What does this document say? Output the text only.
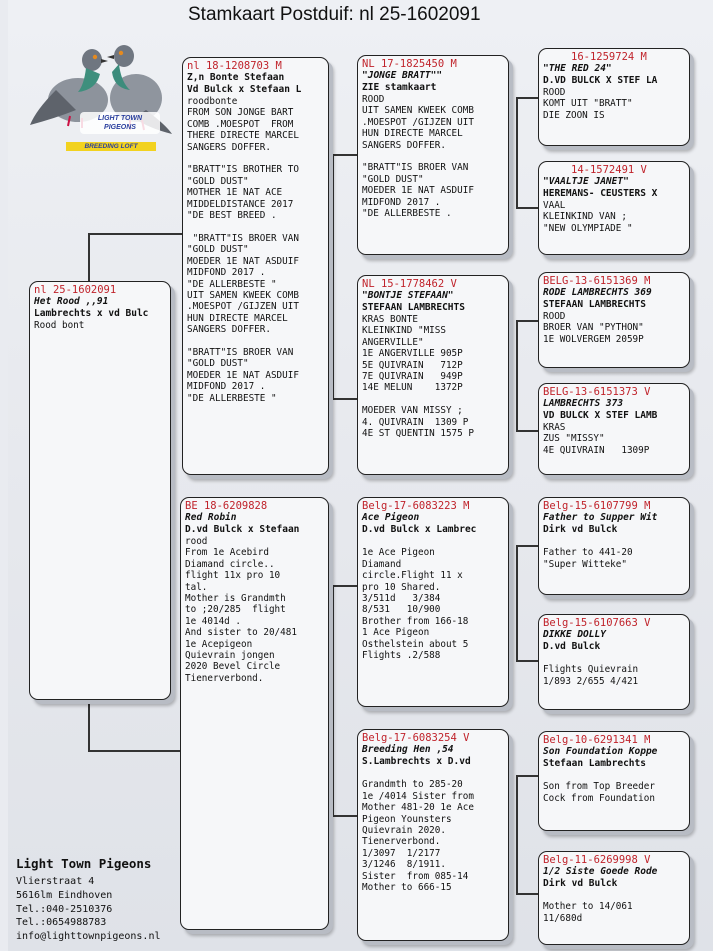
Stamkaart Postduif: nl 25-1602091
LIGHT TOWN
PIGEONS
BREEDING LOFT
nl 25-1602091
Het Rood ,,91
Lambrechts x vd Bulc
Rood bont
nl 18-1208703 M
Z,n Bonte Stefaan
Vd Bulck x Stefaan L
roodbonte
FROM SON JONGE BART
COMB .MOESPOT  FROM
THERE DIRECTE MARCEL
SANGERS DOFFER.

"BRATT"IS BROTHER TO
"GOLD DUST"
MOTHER 1E NAT ACE
MIDDELDISTANCE 2017
"DE BEST BREED .

"BRATT"IS BROER VAN
"GOLD DUST"
MOEDER 1E NAT ASDUIF
MIDFOND 2017 .
"DE ALLERBESTE "
UIT SAMEN KWEEK COMB
.MOESPOT /GIJZEN UIT
HUN DIRECTE MARCEL
SANGERS DOFFER.

"BRATT"IS BROER VAN
"GOLD DUST"
MOEDER 1E NAT ASDUIF
MIDFOND 2017 .
"DE ALLERBESTE "
BE 18-6209828
Red Robin
D.vd Bulck x Stefaan
rood
From 1e Acebird
Diamand circle..
flight 11x pro 10
tal.
Mother is Grandmth
to ;20/285  flight
1e 4014d .
And sister to 20/481
1e Acepigeon
Quievrain jongen
2020 Bevel Circle
Tienerverbond.
NL 17-1825450 M
"JONGE BRATT""
ZIE stamkaart
ROOD
UIT SAMEN KWEEK COMB
.MOESPOT /GIJZEN UIT
HUN DIRECTE MARCEL
SANGERS DOFFER.

"BRATT"IS BROER VAN
"GOLD DUST"
MOEDER 1E NAT ASDUIF
MIDFOND 2017 .
"DE ALLERBESTE .
NL 15-1778462 V
"BONTJE STEFAAN"
STEFAAN LAMBRECHTS
KRAS BONTE
KLEINKIND "MISS
ANGERVILLE"
1E ANGERVILLE 905P
5E QUIVRAIN   712P
7E QUIVRAIN   949P
14E MELUN    1372P

MOEDER VAN MISSY ;
4. QUIVRAIN  1309 P
4E ST QUENTIN 1575 P
Belg-17-6083223 M
Ace Pigeon
D.vd Bulck x Lambrec

1e Ace Pigeon
Diamand
circle.Flight 11 x
pro 10 Shared.
3/511d   3/384
8/531   10/900
Brother from 166-18
1 Ace Pigeon
Osthelstein about 5
Flights .2/588
Belg-17-6083254 V
Breeding Hen ,54
S.Lambrechts x D.vd

Grandmth to 285-20
1e /4014 Sister from
Mother 481-20 1e Ace
Pigeon Younsters
Quievrain 2020.
Tienerverbond.
1/3097  1/2177
3/1246  8/1911.
Sister  from 085-14
Mother to 666-15
16-1259724 M
"THE RED 24"
D.VD BULCK X STEF LA
ROOD
KOMT UIT "BRATT"
DIE ZOON IS
14-1572491 V
"VAALTJE JANET"
HEREMANS- CEUSTERS X
VAAL
KLEINKIND VAN ;
"NEW OLYMPIADE "
BELG-13-6151369 M
RODE LAMBRECHTS 369
STEFAAN LAMBRECHTS
ROOD
BROER VAN "PYTHON"
1E WOLVERGEM 2059P
BELG-13-6151373 V
LAMBRECHTS 373
VD BULCK X STEF LAMB
KRAS
ZUS "MISSY"
4E QUIVRAIN   1309P
Belg-15-6107799 M
Father to Supper Wit
Dirk vd Bulck

Father to 441-20
"Super Witteke"
Belg-15-6107663 V
DIKKE DOLLY
D.vd Bulck

Flights Quievrain
1/893 2/655 4/421
Belg-10-6291341 M
Son Foundation Koppe
Stefaan Lambrechts

Son from Top Breeder
Cock from Foundation
Belg-11-6269998 V
1/2 Siste Goede Rode
Dirk vd Bulck

Mother to 14/061
11/680d
Light Town Pigeons
Vlierstraat 4
5616lm Eindhoven
Tel.:040-2510376
Tel.:0654988783
info@lighttownpigeons.nl
